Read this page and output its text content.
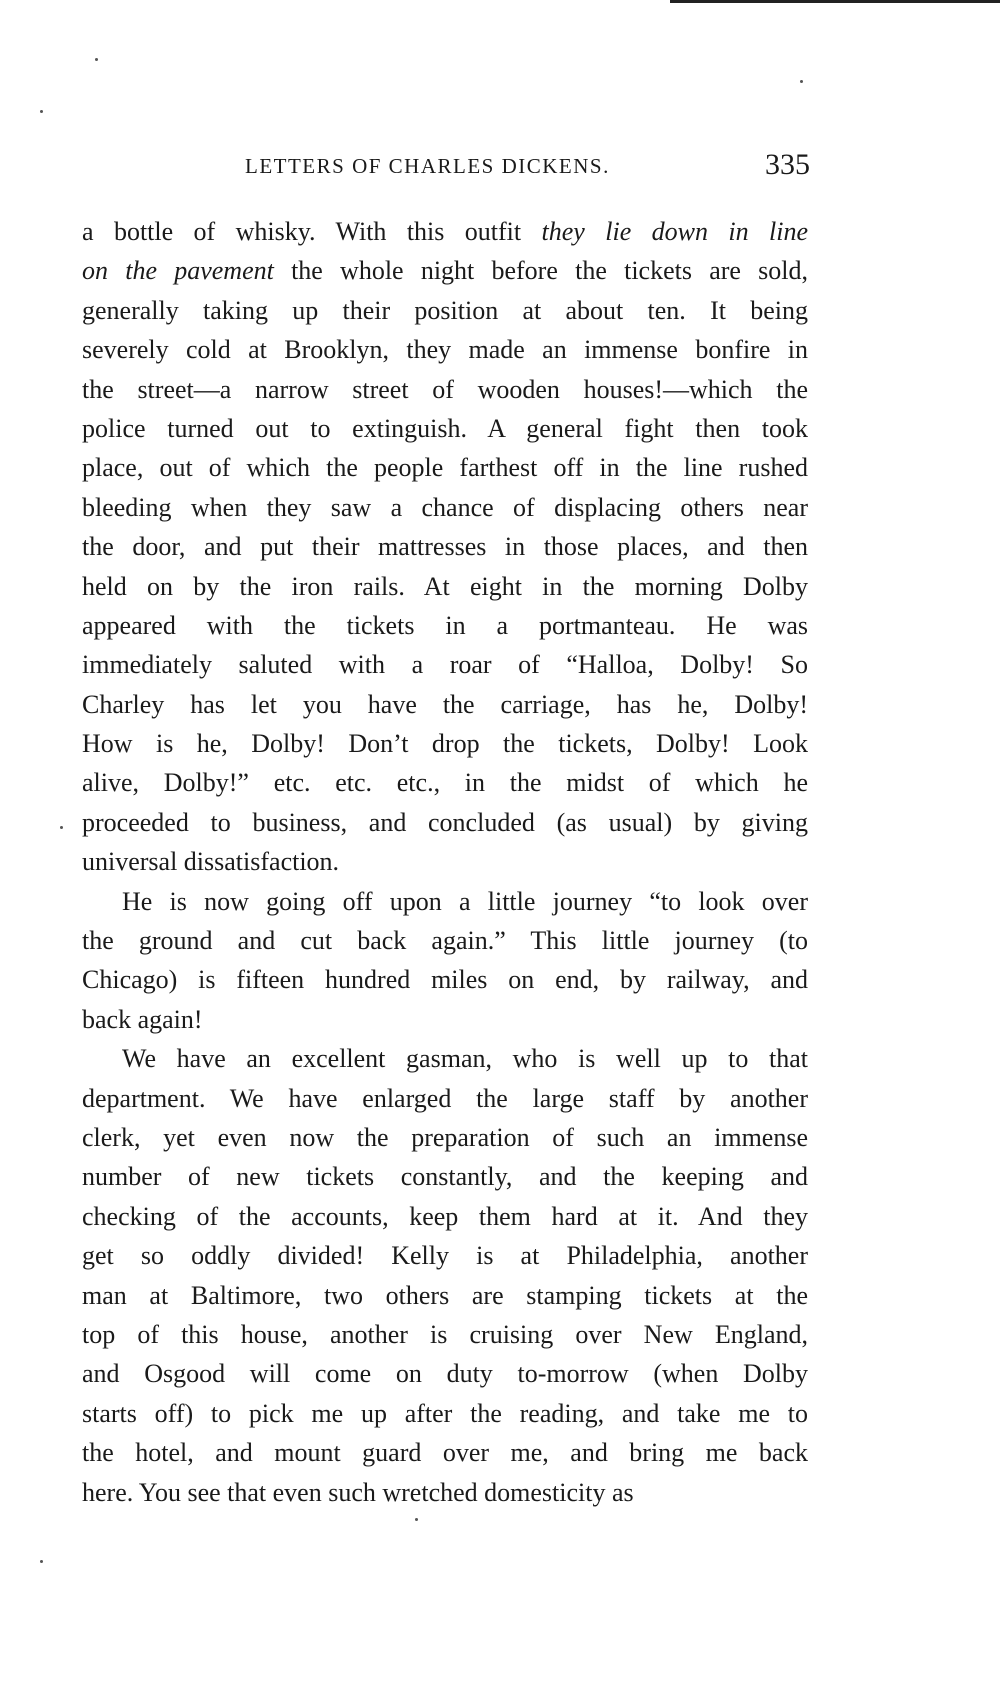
LETTERS OF CHARLES DICKENS.	335
a bottle of whisky. With this outfit they lie down in line
on the pavement the whole night before the tickets are sold,
generally taking up their position at about ten. It being
severely cold at Brooklyn, they made an immense bonfire in
the street—a narrow street of wooden houses!—which the
police turned out to extinguish. A general fight then took
place, out of which the people farthest off in the line rushed
bleeding when they saw a chance of displacing others near
the door, and put their mattresses in those places, and then
held on by the iron rails. At eight in the morning Dolby
appeared with the tickets in a portmanteau. He was
immediately saluted with a roar of “Halloa, Dolby! So
Charley has let you have the carriage, has he, Dolby!
How is he, Dolby! Don’t drop the tickets, Dolby! Look
alive, Dolby!” etc. etc. etc., in the midst of which he
proceeded to business, and concluded (as usual) by giving
universal dissatisfaction.
He is now going off upon a little journey “to look over
the ground and cut back again.” This little journey (to
Chicago) is fifteen hundred miles on end, by railway, and
back again!
We have an excellent gasman, who is well up to that
department. We have enlarged the large staff by another
clerk, yet even now the preparation of such an immense
number of new tickets constantly, and the keeping and
checking of the accounts, keep them hard at it. And they
get so oddly divided! Kelly is at Philadelphia, another
man at Baltimore, two others are stamping tickets at the
top of this house, another is cruising over New England,
and Osgood will come on duty to-morrow (when Dolby
starts off) to pick me up after the reading, and take me to
the hotel, and mount guard over me, and bring me back
here. You see that even such wretched domesticity as
